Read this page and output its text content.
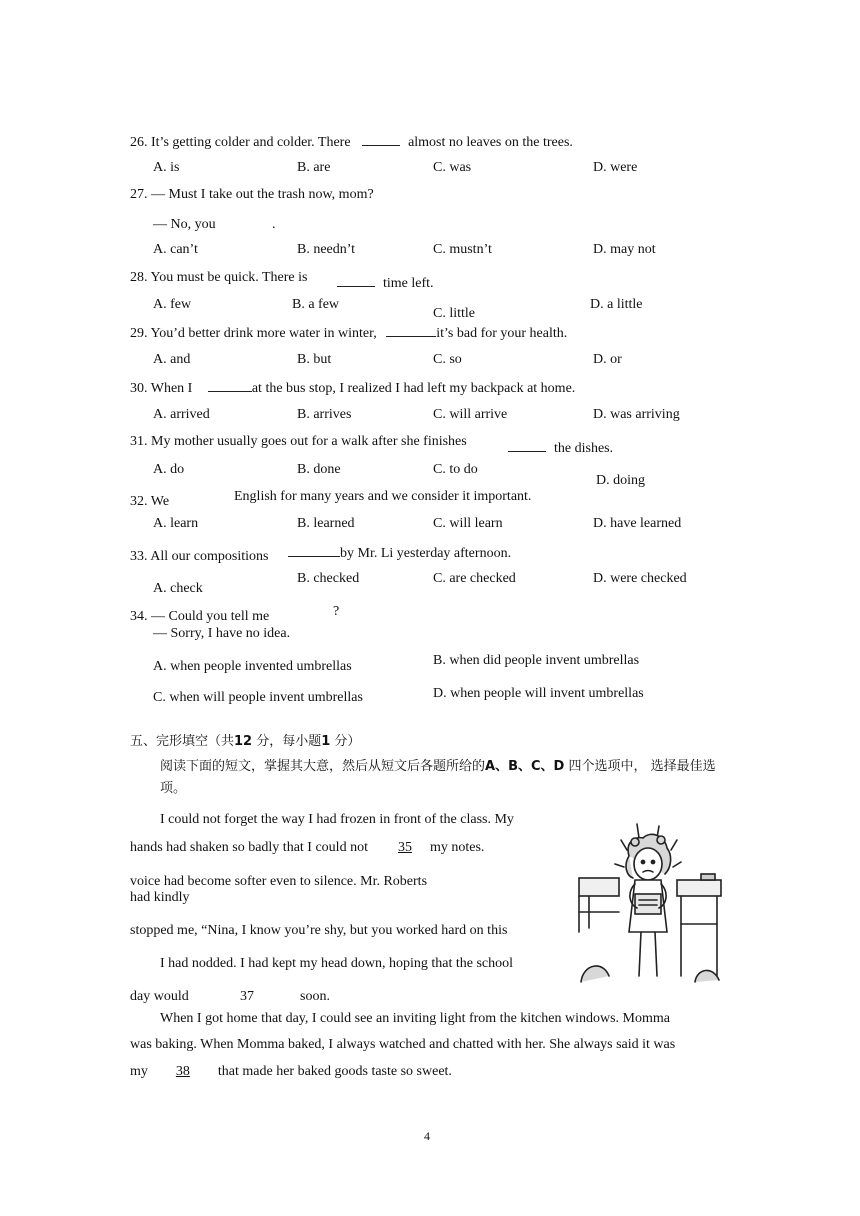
26. It’s getting colder and colder. There	almost no leaves on the trees.
A. is	B. are	C. was	D. were
27. — Must I take out the trash now, mom?
— No, you	.
A. can’t	B. needn’t	C. mustn’t	D. may not
28. You must be quick. There is	time left.
A. few	B. a few
C. little
D. a little
29. You’d better drink more water in winter,	it’s bad for your health.
A. and	B. but	C. so	D. or
30. When I	at the bus stop, I realized I had left my backpack at home.
A. arrived	B. arrives	C. will arrive	D. was arriving
31. My mother usually goes out for a walk after she finishes	the dishes.
A. do	B. done	C. to do
D. doing
32. We	English for many years and we consider it important.
A. learn	B. learned	C. will learn	D. have learned
33. All our compositions	by Mr. Li yesterday afternoon.
A. check
B. checked	C. are checked	D. were checked
34. — Could you tell me	?
— Sorry, I have no idea.
A. when people invented umbrellas	B. when did people invent umbrellas
C. when will people invent umbrellas	D. when people will invent umbrellas
五、完形填空（共12 分，每小题1 分）
阅读下面的短文，掌握其大意，然后从短文后各题所给的A、B、C、D 四个选项中， 选择最佳选项。
I could not forget the way I had frozen in front of the class. My
hands had shaken so badly that I could not 35 my notes.
voice had become softer even to silence. Mr. Roberts
had kindly
stopped me, “Nina, I know you’re shy, but you worked hard on this
I had nodded. I had kept my head down, hoping that the school
day would	37	soon.
When I got home that day, I could see an inviting light from the kitchen windows. Momma
was baking. When Momma baked, I always watched and chatted with her. She always said it was
my 38 that made her baked goods taste so sweet.
4
